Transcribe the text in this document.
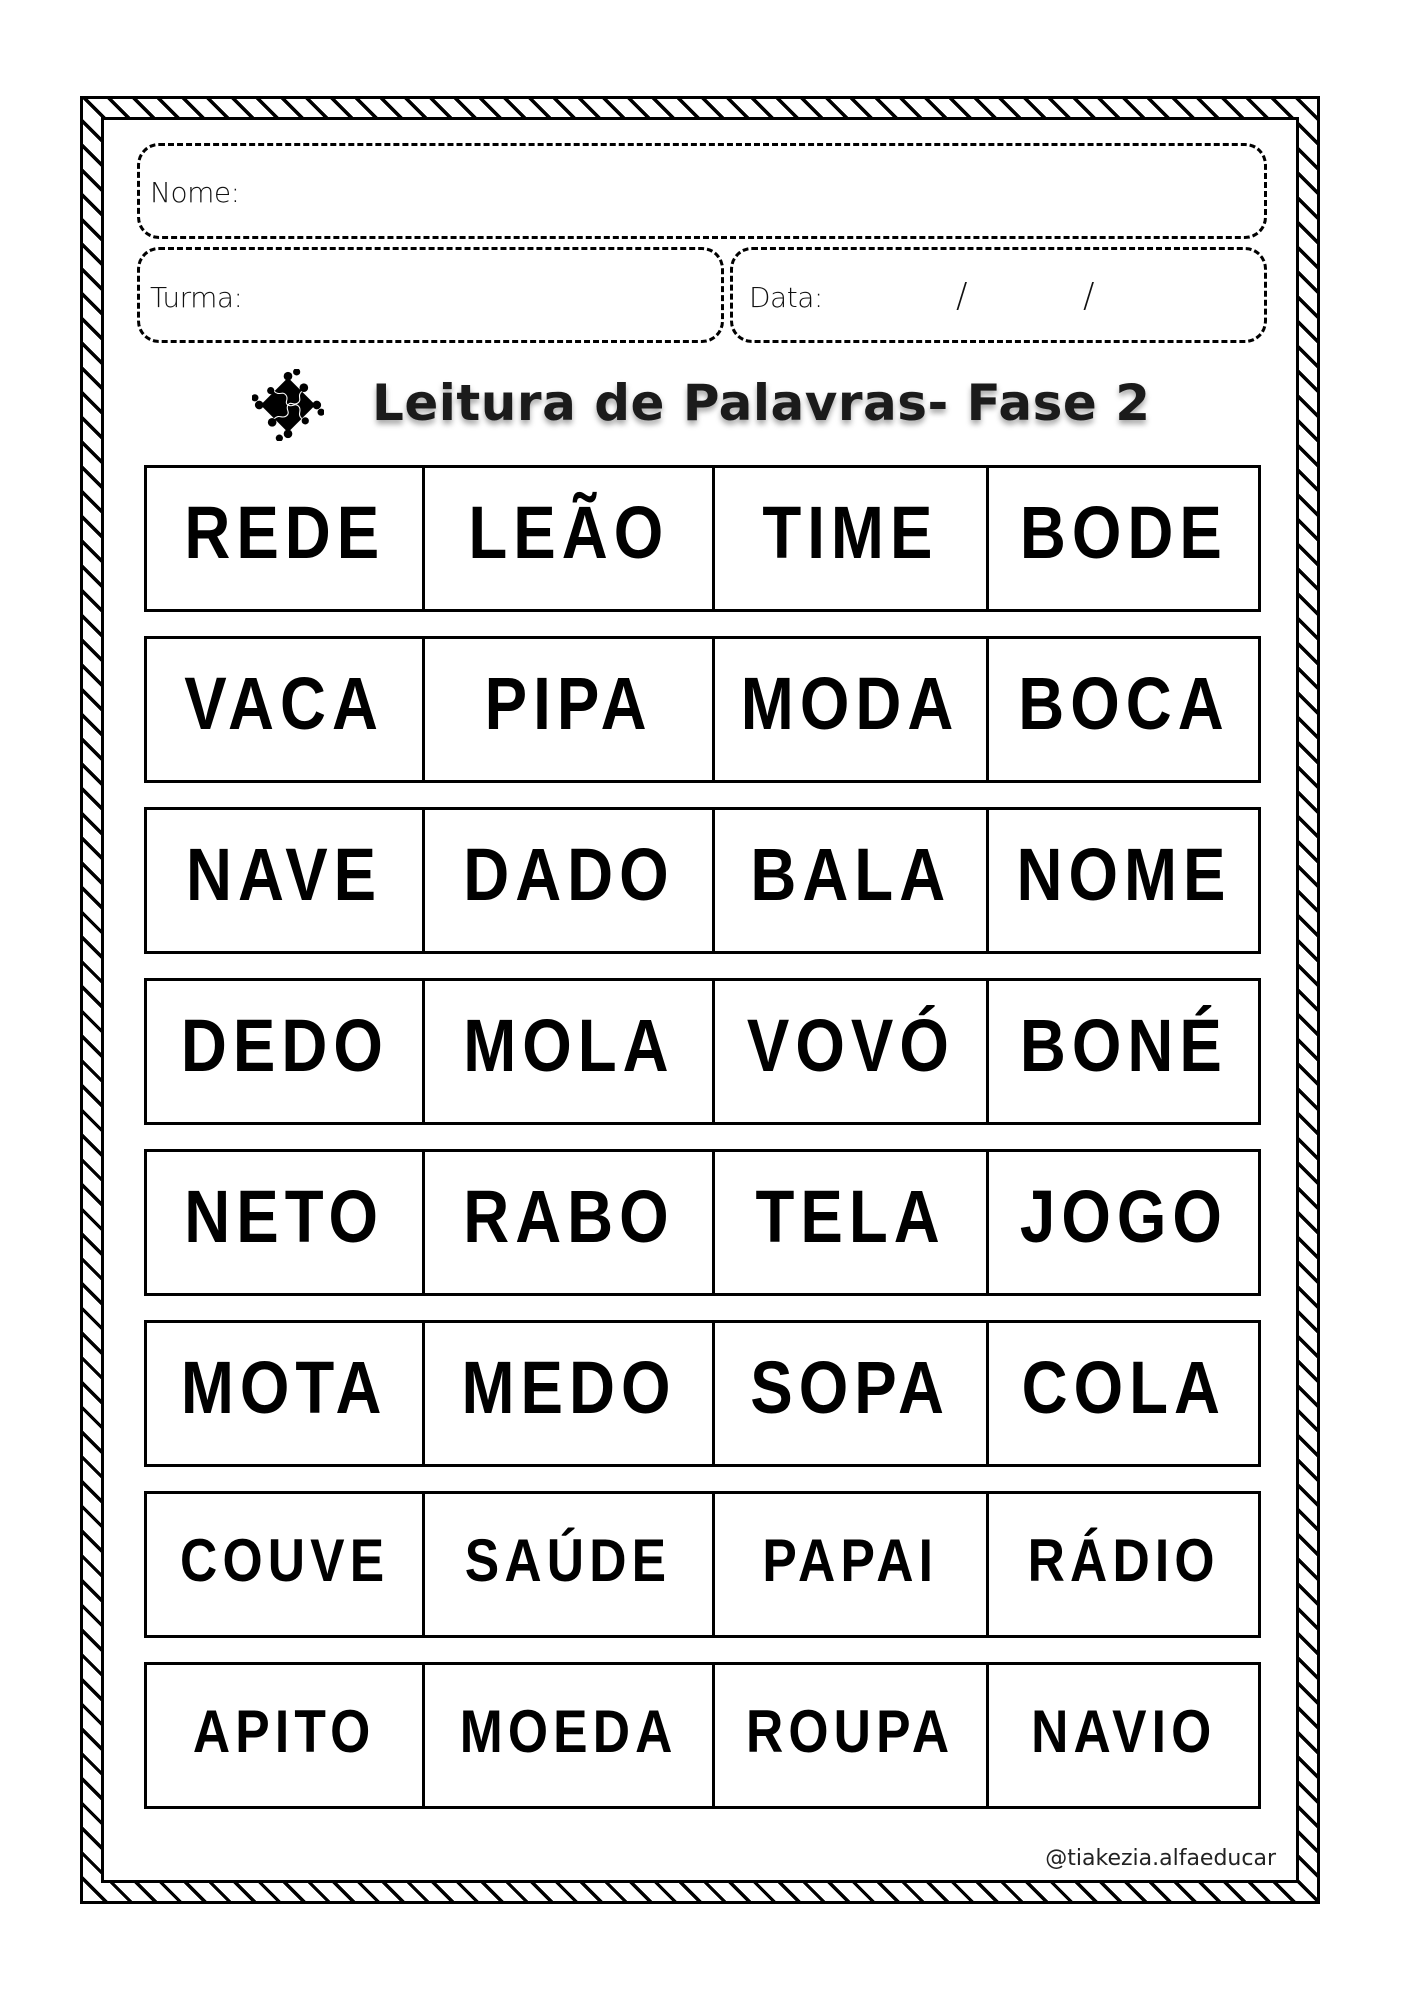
Nome:
Turma:	Data:	/	/
Leitura de Palavras- Fase 2
REDE LEÃO TIME BODE
VACA PIPA MODA BOCA
NAVE DADO BALA NOME
DEDO MOLA VOVÓ BONÉ
NETO RABO TELA JOGO
MOTA MEDO SOPA COLA
COUVE SAÚDE PAPAI RÁDIO
APITO MOEDA ROUPA NAVIO
@tiakezia.alfaeducar
